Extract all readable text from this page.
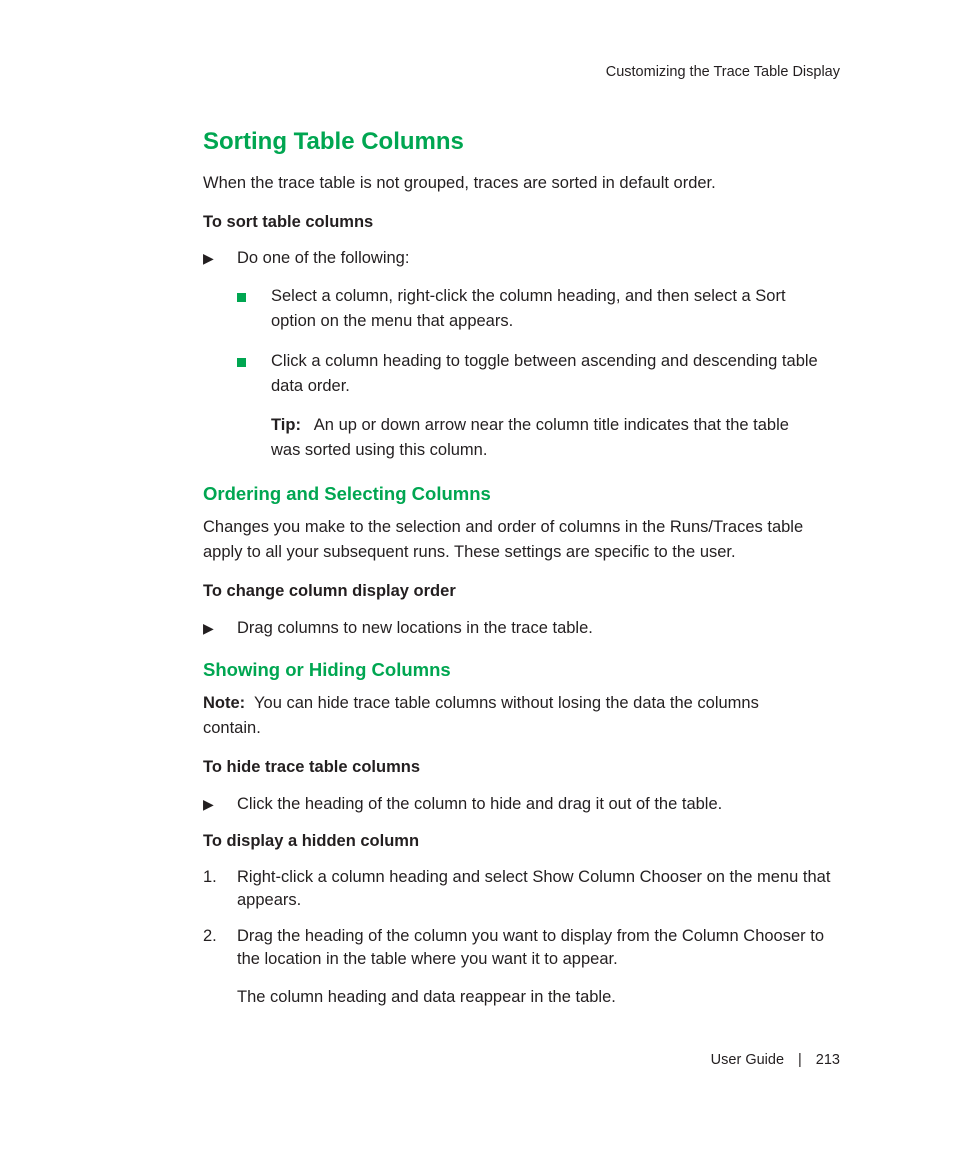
Customizing the Trace Table Display
Sorting Table Columns

When the trace table is not grouped, traces are sorted in default order.

To sort table columns

▶ Do one of the following:

Select a column, right-click the column heading, and then select a Sort option on the menu that appears.

Click a column heading to toggle between ascending and descending table data order.

Tip: An up or down arrow near the column title indicates that the table was sorted using this column.

Ordering and Selecting Columns

Changes you make to the selection and order of columns in the Runs/Traces table apply to all your subsequent runs. These settings are specific to the user.

To change column display order

▶ Drag columns to new locations in the trace table.

Showing or Hiding Columns

Note: You can hide trace table columns without losing the data the columns contain.

To hide trace table columns

▶ Click the heading of the column to hide and drag it out of the table.

To display a hidden column

1. Right-click a column heading and select Show Column Chooser on the menu that appears.

2. Drag the heading of the column you want to display from the Column Chooser to the location in the table where you want it to appear.

The column heading and data reappear in the table.

User Guide | 213
